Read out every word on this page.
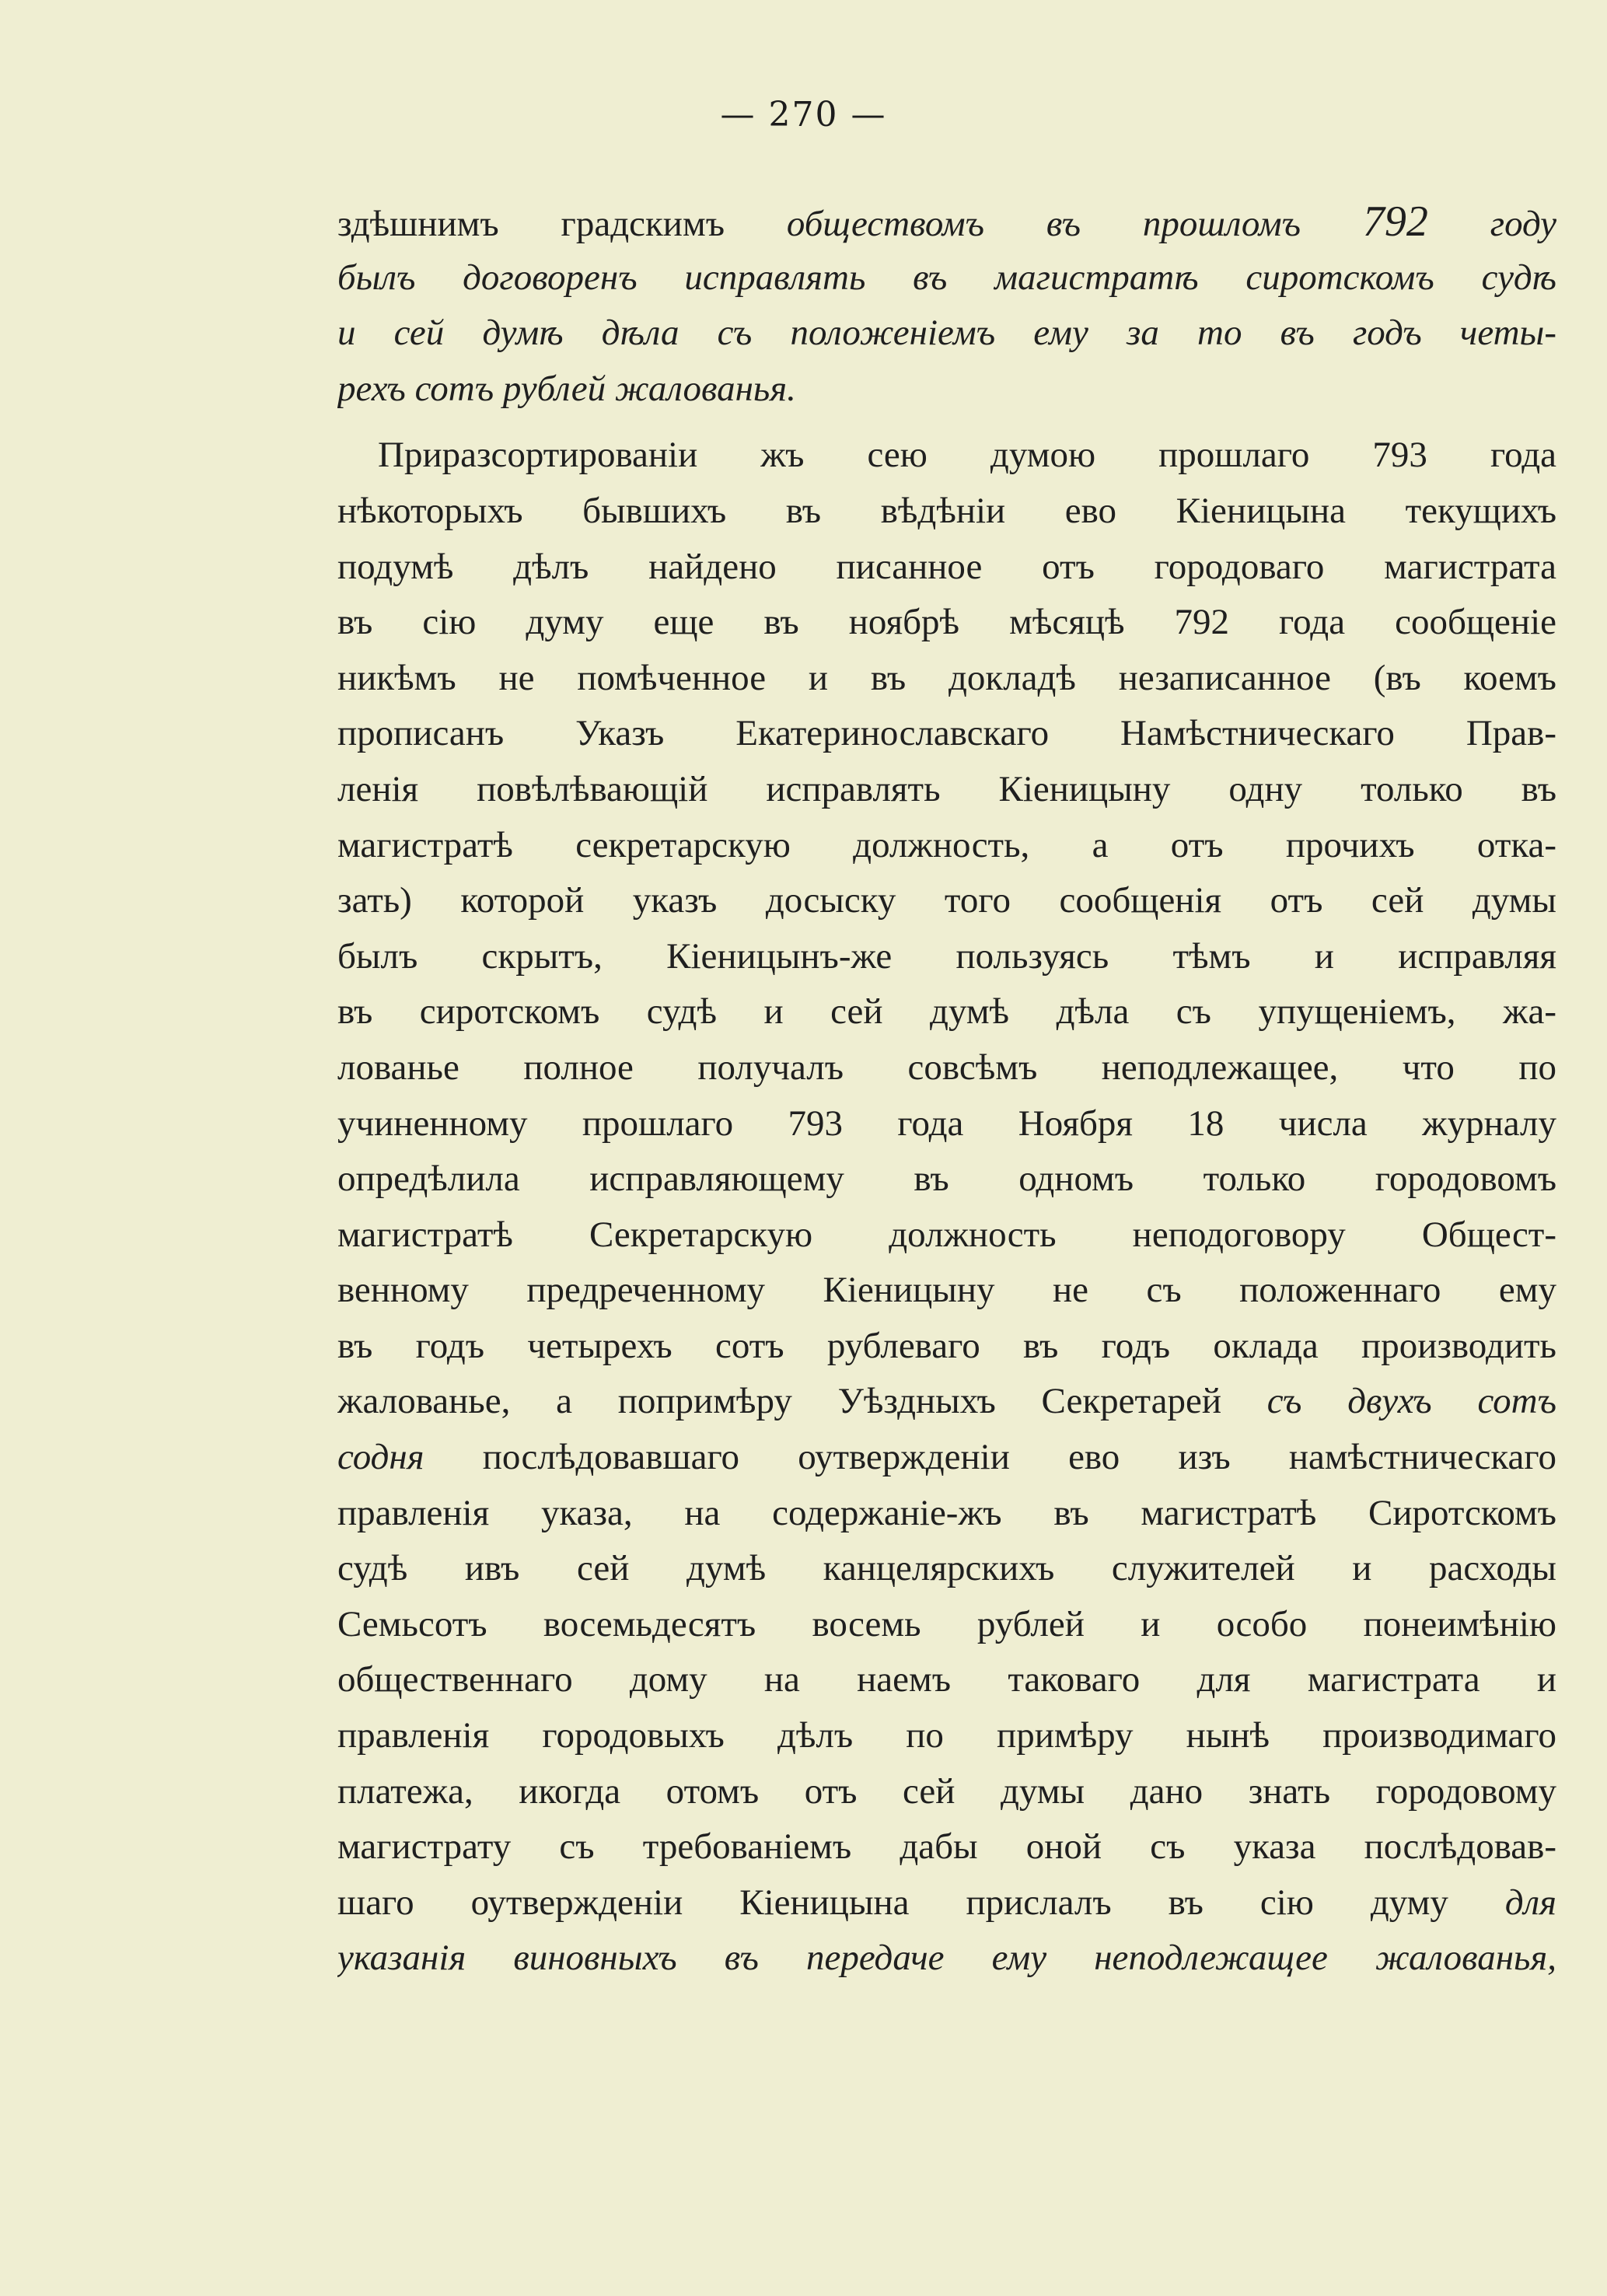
— 270 —
здѣшнимъ градскимъ обществомъ въ прошломъ 792 году
былъ договоренъ исправлять въ магистратѣ сиротскомъ судѣ
и сей думѣ дѣла съ положеніемъ ему за то въ годъ четы-
рехъ сотъ рублей жалованья.
Приразсортированіи жъ сею думою прошлаго 793 года
нѣкоторыхъ бывшихъ въ вѣдѣніи ево Кіеницына текущихъ
подумѣ дѣлъ найдено писанное отъ городоваго магистрата
въ сію думу еще въ ноябрѣ мѣсяцѣ 792 года сообщеніе
никѣмъ не помѣченное и въ докладѣ незаписанное (въ коемъ
прописанъ Указъ Екатеринославскаго Намѣстническаго Прав-
ленія повѣлѣвающій исправлять Кіеницыну одну только въ
магистратѣ секретарскую должность, а отъ прочихъ отка-
зать) которой указъ досыску того сообщенія отъ сей думы
былъ скрытъ, Кіеницынъ-же пользуясь тѣмъ и исправляя
въ сиротскомъ судѣ и сей думѣ дѣла съ упущеніемъ, жа-
лованье полное получалъ совсѣмъ неподлежащее, что по
учиненному прошлаго 793 года Ноября 18 числа журналу
опредѣлила исправляющему въ одномъ только городовомъ
магистратѣ Секретарскую должность неподоговору Общест-
венному предреченному Кіеницыну не съ положеннаго ему
въ годъ четырехъ сотъ рублеваго въ годъ оклада производить
жалованье, а попримѣру Уѣздныхъ Секретарей съ двухъ сотъ
содня послѣдовавшаго оутвержденіи ево изъ намѣстническаго
правленія указа, на содержаніе-жъ въ магистратѣ Сиротскомъ
судѣ ивъ сей думѣ канцелярскихъ служителей и расходы
Семьсотъ восемьдесятъ восемь рублей и особо понеимѣнію
общественнаго дому на наемъ таковаго для магистрата и
правленія городовыхъ дѣлъ по примѣру нынѣ производимаго
платежа, икогда отомъ отъ сей думы дано знать городовому
магистрату съ требованіемъ дабы оной съ указа послѣдовав-
шаго оутвержденіи Кіеницына прислалъ въ сію думу для
указанія виновныхъ въ передаче ему неподлежащее жалованья,
